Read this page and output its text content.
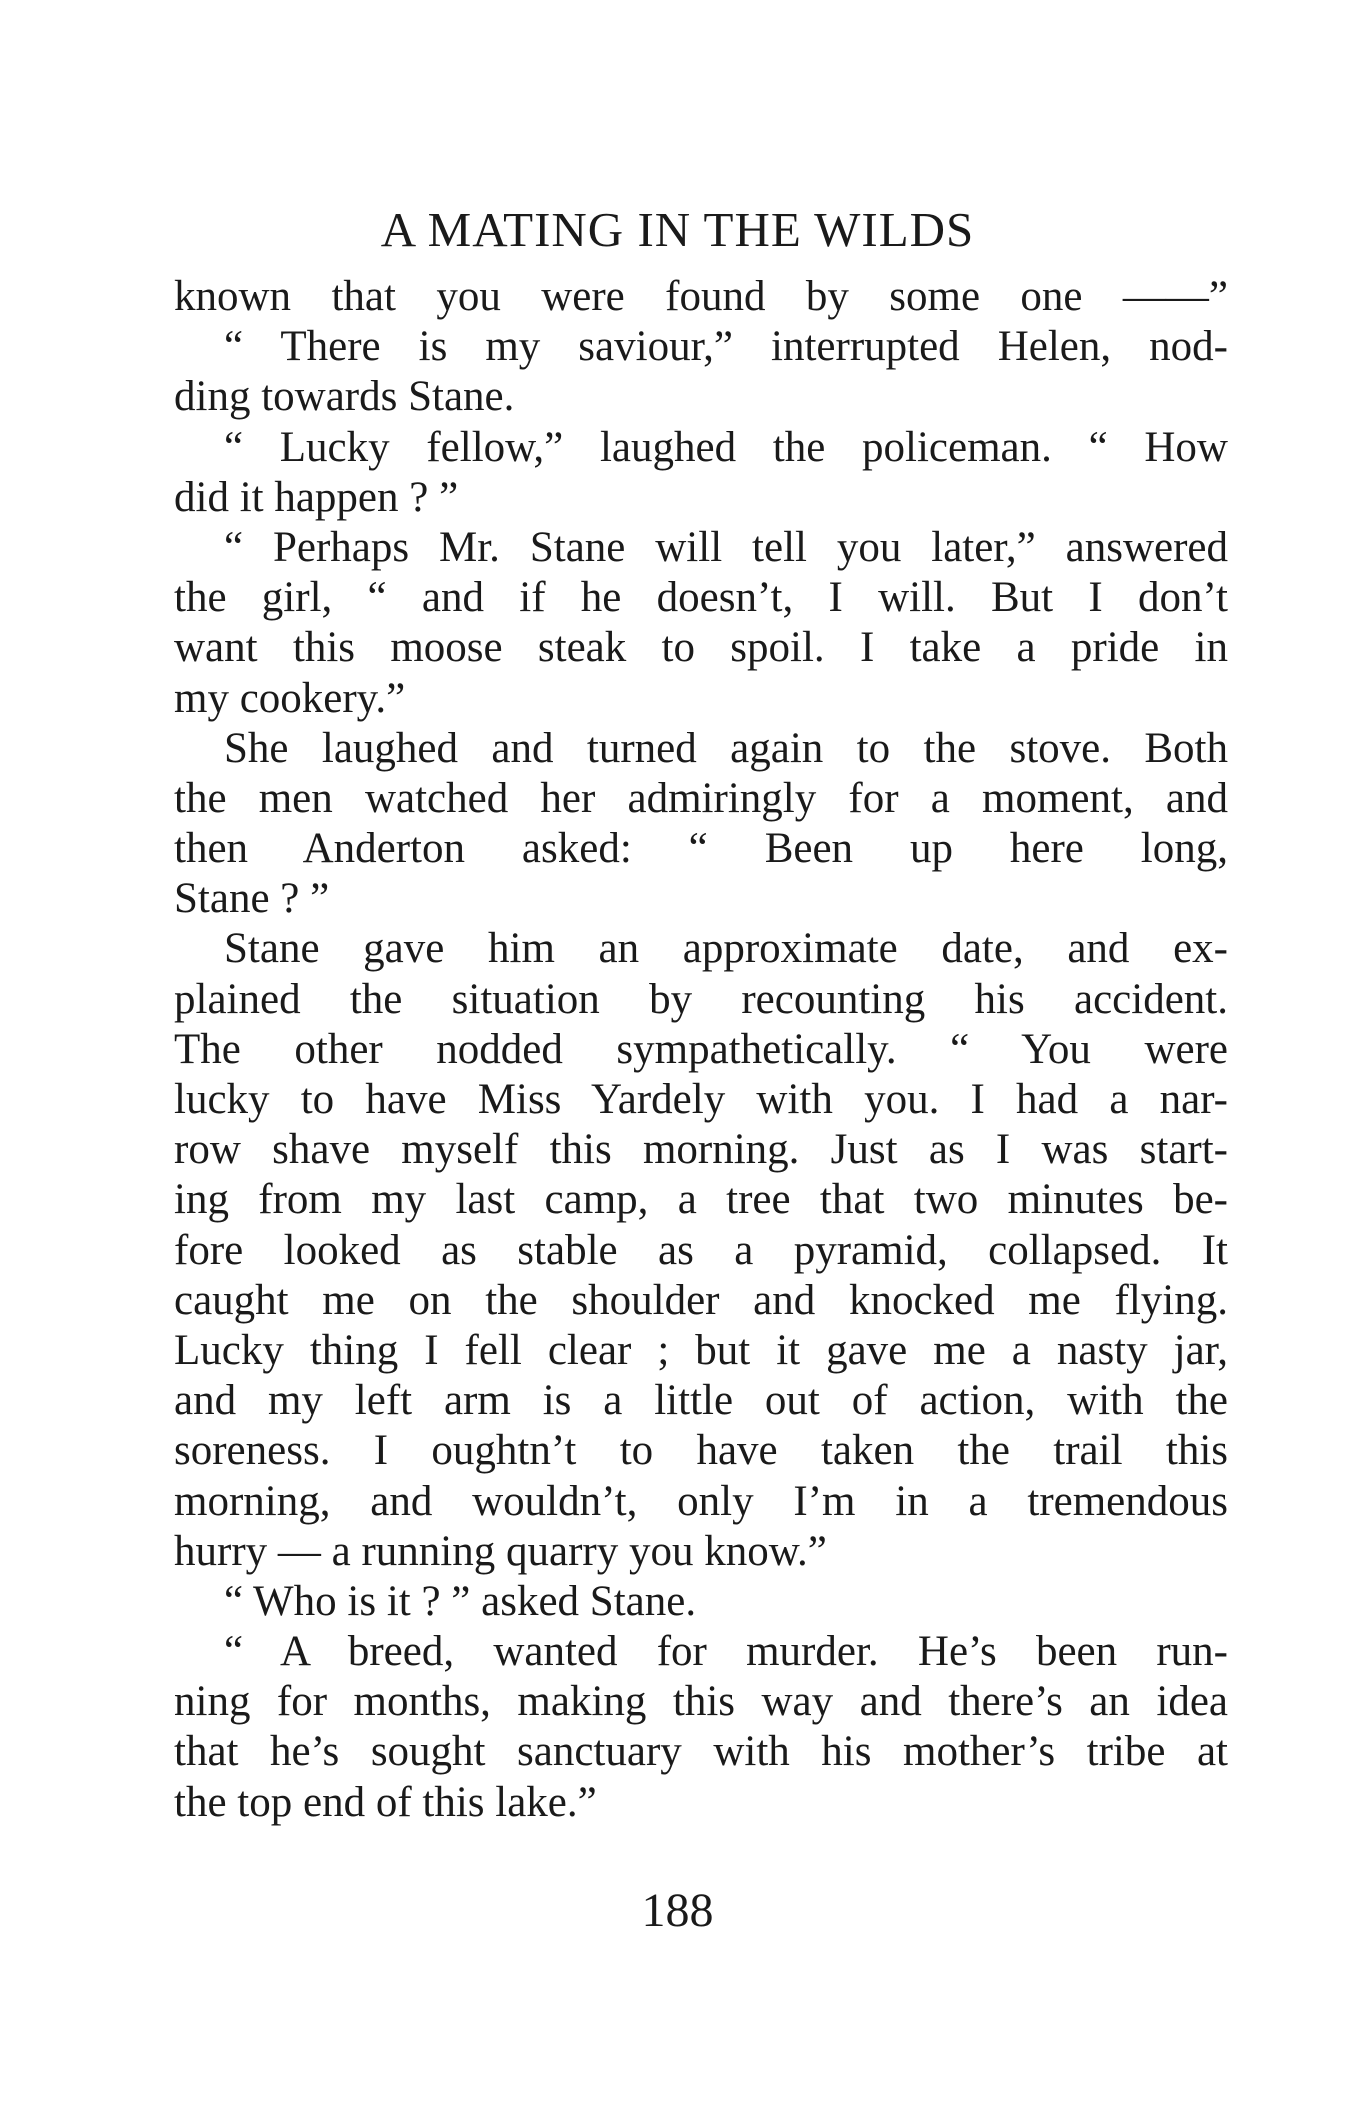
A MATING IN THE WILDS
known that you were found by some one ——”
“ There is my saviour,” interrupted Helen, nod-
ding towards Stane.
“ Lucky fellow,” laughed the policeman. “ How
did it happen ? ”
“ Perhaps Mr. Stane will tell you later,” answered
the girl, “ and if he doesn’t, I will. But I don’t
want this moose steak to spoil. I take a pride in
my cookery.”
She laughed and turned again to the stove. Both
the men watched her admiringly for a moment, and
then Anderton asked: “ Been up here long,
Stane ? ”
Stane gave him an approximate date, and ex-
plained the situation by recounting his accident.
The other nodded sympathetically. “ You were
lucky to have Miss Yardely with you. I had a nar-
row shave myself this morning. Just as I was start-
ing from my last camp, a tree that two minutes be-
fore looked as stable as a pyramid, collapsed. It
caught me on the shoulder and knocked me flying.
Lucky thing I fell clear ; but it gave me a nasty jar,
and my left arm is a little out of action, with the
soreness. I oughtn’t to have taken the trail this
morning, and wouldn’t, only I’m in a tremendous
hurry — a running quarry you know.”
“ Who is it ? ” asked Stane.
“ A breed, wanted for murder. He’s been run-
ning for months, making this way and there’s an idea
that he’s sought sanctuary with his mother’s tribe at
the top end of this lake.”
188
